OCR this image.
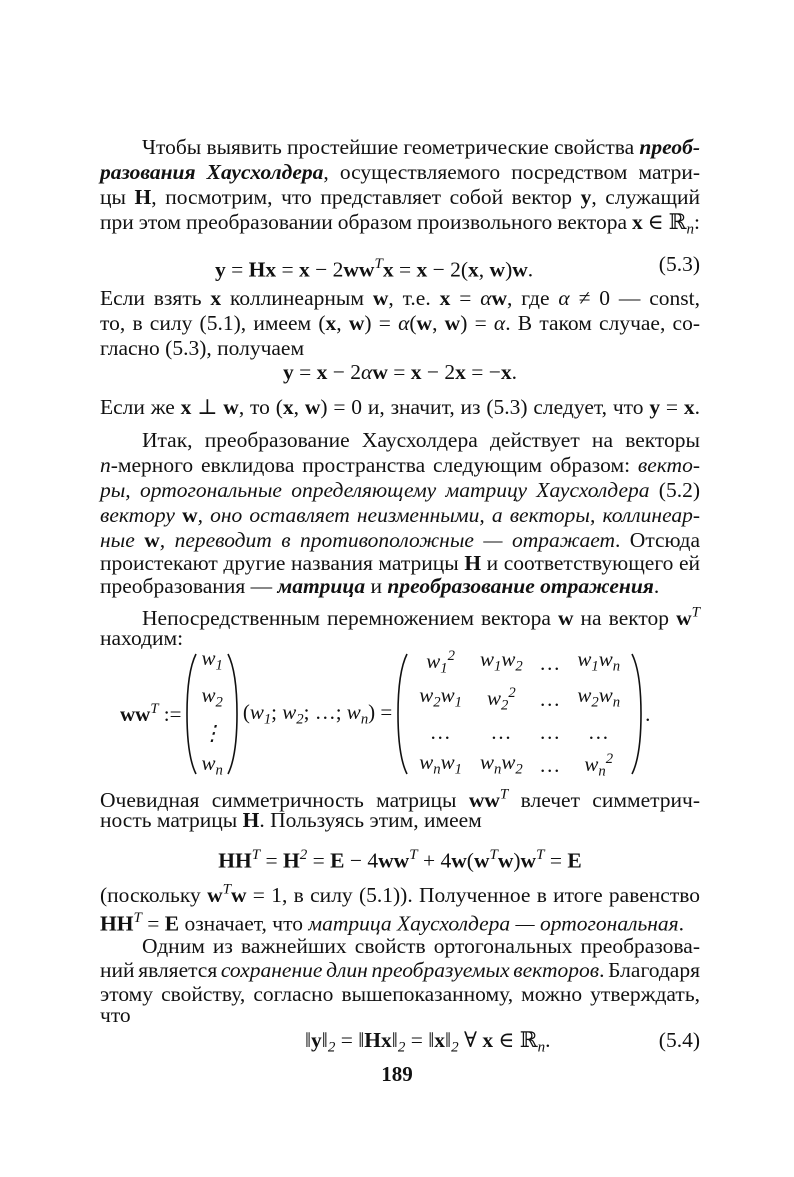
Чтобы выявить простейшие геометрические свойства преоб-
разования Хаусхолдера, осуществляемого посредством матри-
цы H, посмотрим, что представляет собой вектор y, служащий
при этом преобразовании образом произвольного вектора x ∈ ℝ$_n$:
$y = Hx = x - 2ww^Tx = x - 2(x$, w)w.	(5.3)
Если взять x коллинеарным w, т.е. x = αw, где α ≠ 0 — const,
то, в силу (5.1), имеем (x, w) = α(w, w) = α. В таком случае, со-
гласно (5.3), получаем
y = x − 2αw = x − 2x = −x.
Если же x ⊥ w, то (x, w) = 0 и, значит, из (5.3) следует, что y = x.
Итак, преобразование Хаусхолдера действует на векторы
n-мерного евклидова пространства следующим образом: векто-
ры, ортогональные определяющему матрицу Хаусхолдера (5.2)
вектору w, оно оставляет неизменными, а векторы, коллинеар-
ные w, переводит в противоположные — отражает. Отсюда
проистекают другие названия матрицы H и соответствующего ей
преобразования — матрица и преобразование отражения.
Непосредственным перемножением вектора w на вектор $w^T$
находим:
$ww^T$ :=
$w_1$
$w_2$
⋮
$w_n$
($w_1$; $w_2$; …; $w_n$) =
$w_1^2$	$w_1w_2$	…	$w_1w_n$
$w_2w_1$	$w_2^2$	…	$w_2w_n$
…	…	…	…
$w_nw_1$	$w_nw_2$	…	$w_n^2$
.
Очевидная симметричность матрицы $ww^T$ влечет симметрич-
ность матрицы H. Пользуясь этим, имеем
$HH^T = H^2 = E - 4ww^T + 4w(w^Tw)w^T = E$
(поскольку $w^Tw = 1$, в силу (5.1)). Полученное в итоге равенство
$HH^T = E$ означает, что матрица Хаусхолдера — ортогональная.
Одним из важнейших свойств ортогональных преобразова-
ний является сохранение длин преобразуемых векторов. Благодаря
этому свойству, согласно вышепоказанному, можно утверждать,
что
$‖y‖_2$ = $‖Hx‖_2$ = $‖x‖_2$ ∀ x ∈ ℝ$_n$.	(5.4)
189
